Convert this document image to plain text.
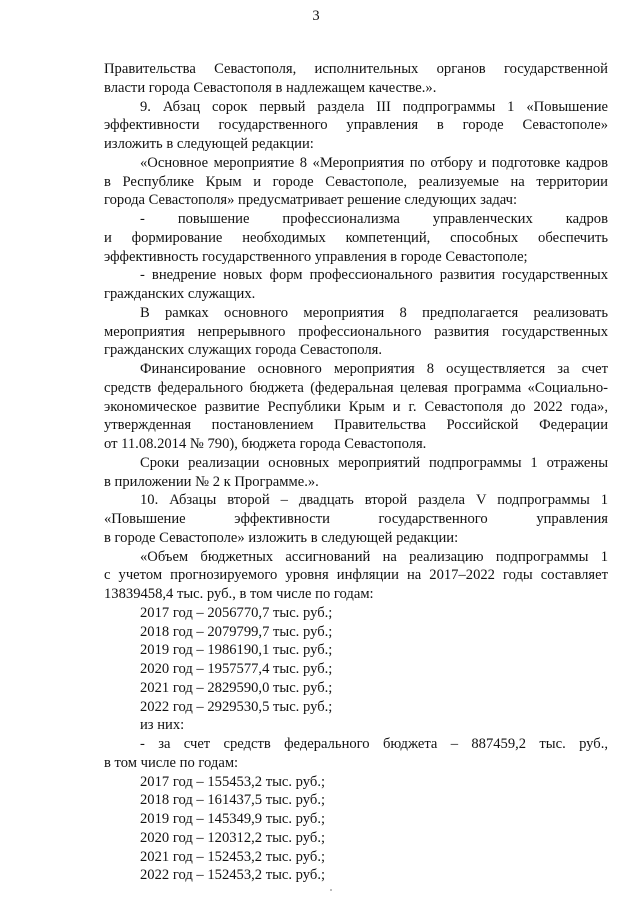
3
Правительства Севастополя, исполнительных органов государственной
власти города Севастополя в надлежащем качестве.».
9. Абзац сорок первый раздела III подпрограммы 1 «Повышение
эффективности государственного управления в городе Севастополе»
изложить в следующей редакции:
«Основное мероприятие 8 «Мероприятия по отбору и подготовке кадров
в Республике Крым и городе Севастополе, реализуемые на территории
города Севастополя» предусматривает решение следующих задач:
- повышение профессионализма управленческих кадров
и формирование необходимых компетенций, способных обеспечить
эффективность государственного управления в городе Севастополе;
- внедрение новых форм профессионального развития государственных
гражданских служащих.
В рамках основного мероприятия 8 предполагается реализовать
мероприятия непрерывного профессионального развития государственных
гражданских служащих города Севастополя.
Финансирование основного мероприятия 8 осуществляется за счет
средств федерального бюджета (федеральная целевая программа «Социально-
экономическое развитие Республики Крым и г. Севастополя до 2022 года»,
утвержденная постановлением Правительства Российской Федерации
от 11.08.2014 № 790), бюджета города Севастополя.
Сроки реализации основных мероприятий подпрограммы 1 отражены
в приложении № 2 к Программе.».
10. Абзацы второй – двадцать второй раздела V подпрограммы 1
«Повышение эффективности государственного управления
в городе Севастополе» изложить в следующей редакции:
«Объем бюджетных ассигнований на реализацию подпрограммы 1
с учетом прогнозируемого уровня инфляции на 2017–2022 годы составляет
13839458,4 тыс. руб., в том числе по годам:
2017 год – 2056770,7 тыс. руб.;
2018 год – 2079799,7 тыс. руб.;
2019 год – 1986190,1 тыс. руб.;
2020 год – 1957577,4 тыс. руб.;
2021 год – 2829590,0 тыс. руб.;
2022 год – 2929530,5 тыс. руб.;
из них:
- за счет средств федерального бюджета – 887459,2 тыс. руб.,
в том числе по годам:
2017 год – 155453,2 тыс. руб.;
2018 год – 161437,5 тыс. руб.;
2019 год – 145349,9 тыс. руб.;
2020 год – 120312,2 тыс. руб.;
2021 год – 152453,2 тыс. руб.;
2022 год – 152453,2 тыс. руб.;
